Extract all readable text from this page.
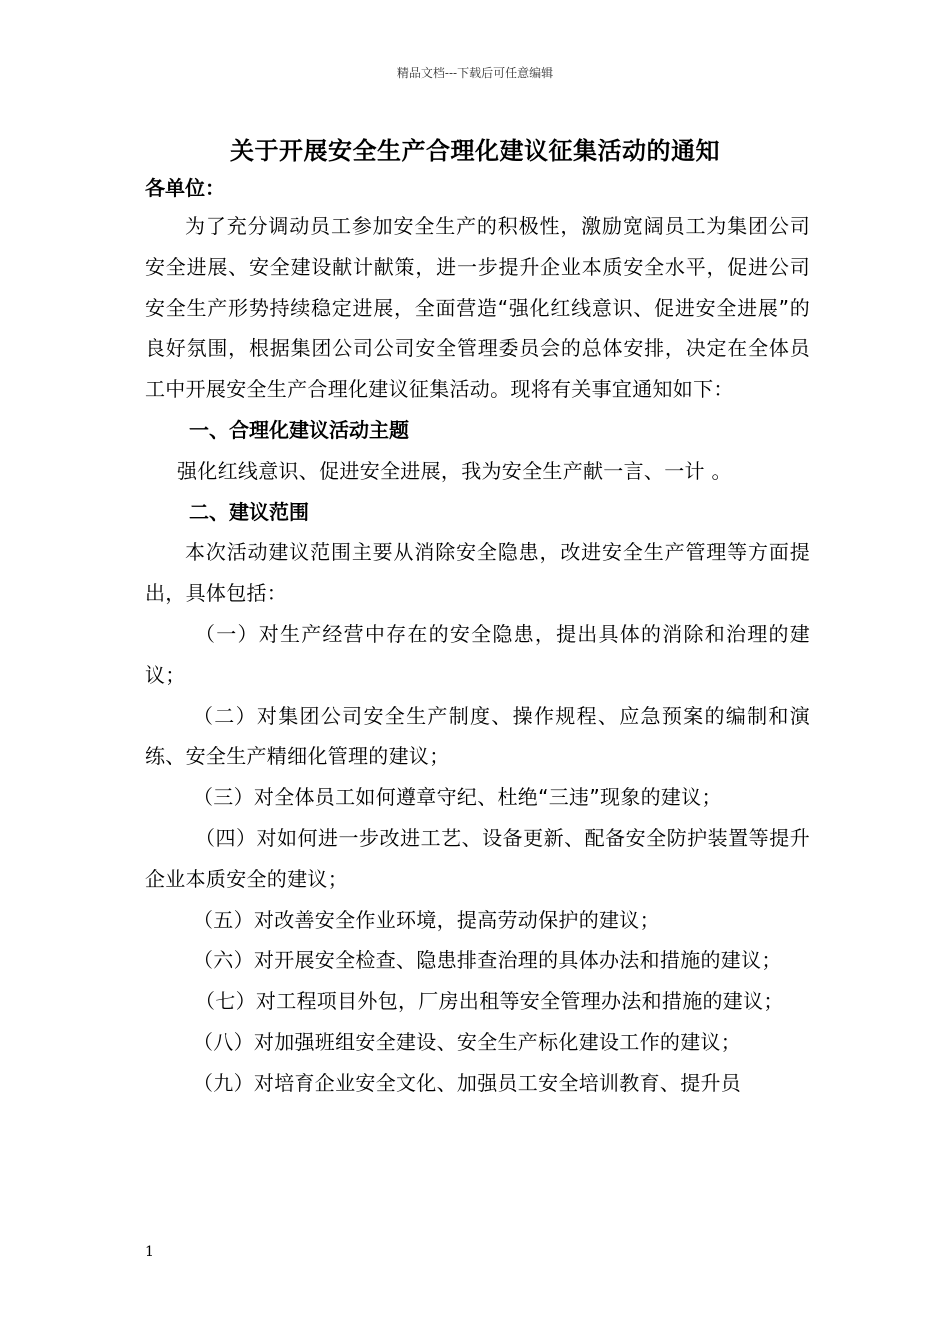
精品文档---下载后可任意编辑
关于开展安全生产合理化建议征集活动的通知

各单位：

为了充分调动员工参加安全生产的积极性，激励宽阔员工为集团公司安全进展、安全建设献计献策，进一步提升企业本质安全水平，促进公司安全生产形势持续稳定进展，全面营造“强化红线意识、促进安全进展”的良好氛围，根据集团公司公司安全管理委员会的总体安排，决定在全体员工中开展安全生产合理化建议征集活动。现将有关事宜通知如下：

一、合理化建议活动主题

强化红线意识、促进安全进展，我为安全生产献一言、一计 。

二、建议范围

本次活动建议范围主要从消除安全隐患，改进安全生产管理等方面提出，具体包括：

（一）对生产经营中存在的安全隐患，提出具体的消除和治理的建议；

（二）对集团公司安全生产制度、操作规程、应急预案的编制和演练、安全生产精细化管理的建议；

（三）对全体员工如何遵章守纪、杜绝“三违”现象的建议；

（四）对如何进一步改进工艺、设备更新、配备安全防护装置等提升企业本质安全的建议；

（五）对改善安全作业环境，提高劳动保护的建议；

（六）对开展安全检查、隐患排查治理的具体办法和措施的建议；

（七）对工程项目外包，厂房出租等安全管理办法和措施的建议；

（八）对加强班组安全建设、安全生产标化建设工作的建议；

（九）对培育企业安全文化、加强员工安全培训教育、提升员

1
